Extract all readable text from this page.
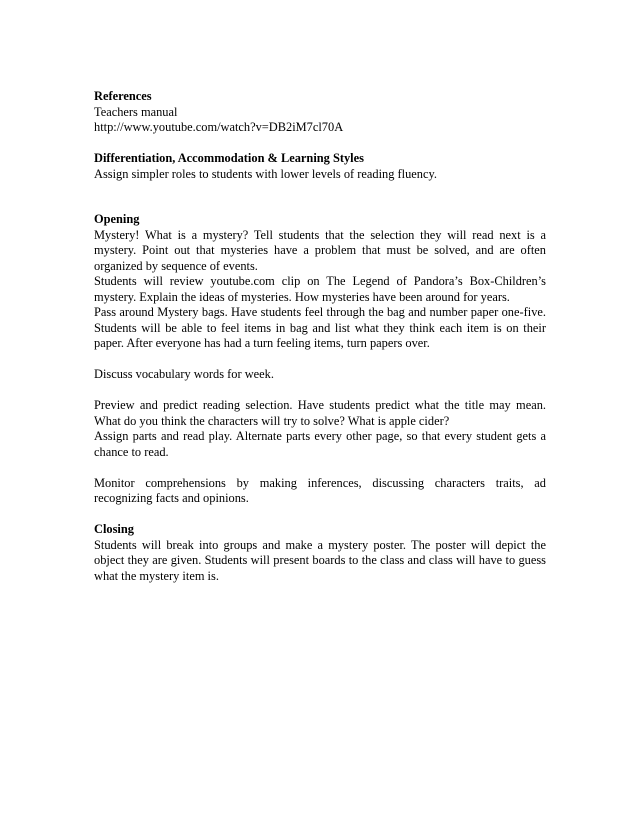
References
Teachers manual
http://www.youtube.com/watch?v=DB2iM7cl70A
Differentiation, Accommodation & Learning Styles
Assign simpler roles to students with lower levels of reading fluency.
Opening
Mystery! What is a mystery? Tell students that the selection they will read next is a mystery. Point out that mysteries have a problem that must be solved, and are often organized by sequence of events.
Students will review youtube.com clip on The Legend of Pandora’s Box-Children’s mystery. Explain the ideas of mysteries. How mysteries have been around for years.
Pass around Mystery bags. Have students feel through the bag and number paper one-five. Students will be able to feel items in bag and list what they think each item is on their paper. After everyone has had a turn feeling items, turn papers over.
Discuss vocabulary words for week.
Preview and predict reading selection. Have students predict what the title may mean. What do you think the characters will try to solve? What is apple cider?
Assign parts and read play. Alternate parts every other page, so that every student gets a chance to read.
Monitor comprehensions by making inferences, discussing characters traits, ad recognizing facts and opinions.
Closing
Students will break into groups and make a mystery poster. The poster will depict the object they are given. Students will present boards to the class and class will have to guess what the mystery item is.
